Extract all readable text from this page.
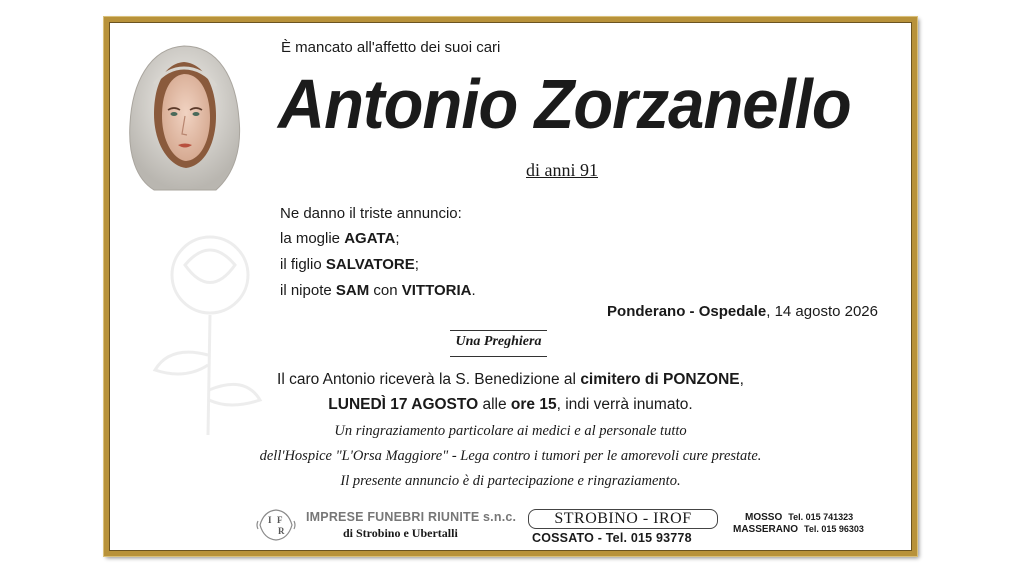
È mancato all'affetto dei suoi cari
Antonio Zorzanello
di anni 91
Ne danno il triste annuncio:
la moglie AGATA;
il figlio SALVATORE;
il nipote SAM con VITTORIA.
Ponderano - Ospedale, 14 agosto 2026
Una Preghiera
Il caro Antonio riceverà la S. Benedizione al cimitero di PONZONE,
LUNEDÌ 17 AGOSTO alle ore 15, indi verrà inumato.
Un ringraziamento particolare ai medici e al personale tutto
dell'Hospice "L'Orsa Maggiore" - Lega contro i tumori per le amorevoli cure prestate.
Il presente annuncio è di partecipazione e ringraziamento.
I F
R
IMPRESE FUNEBRI RIUNITE s.n.c.
di Strobino e Ubertalli
STROBINO - IROF
COSSATO - Tel. 015 93778
MOSSO Tel. 015 741323
MASSERANO Tel. 015 96303
